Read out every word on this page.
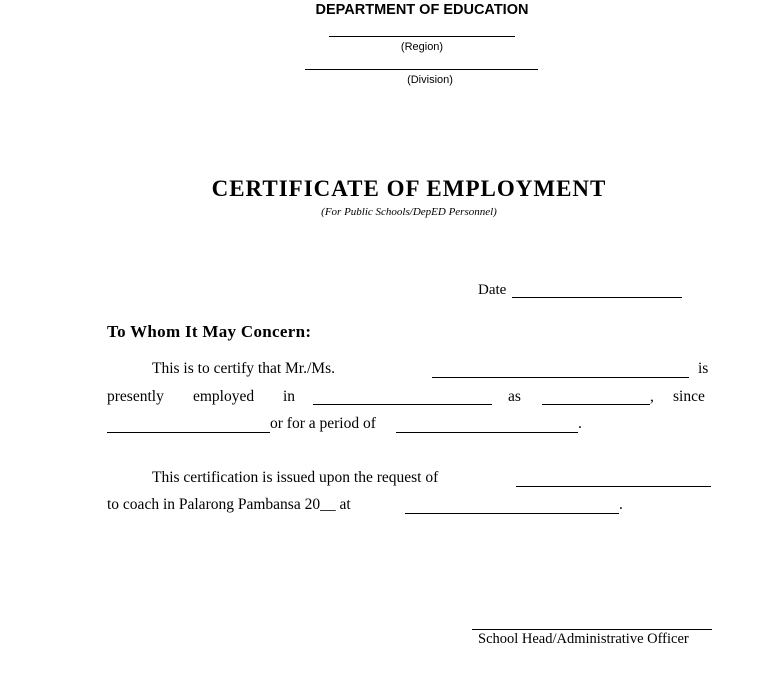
DEPARTMENT OF EDUCATION
(Region)
(Division)
CERTIFICATE OF EMPLOYMENT
(For Public Schools/DepED Personnel)
Date
To Whom It May Concern:
This is to certify that Mr./Ms.	is
presently employed in	as	, since
or for a period of	.
This certification is issued upon the request of
to coach in Palarong Pambansa 20__ at	.
School Head/Administrative Officer
